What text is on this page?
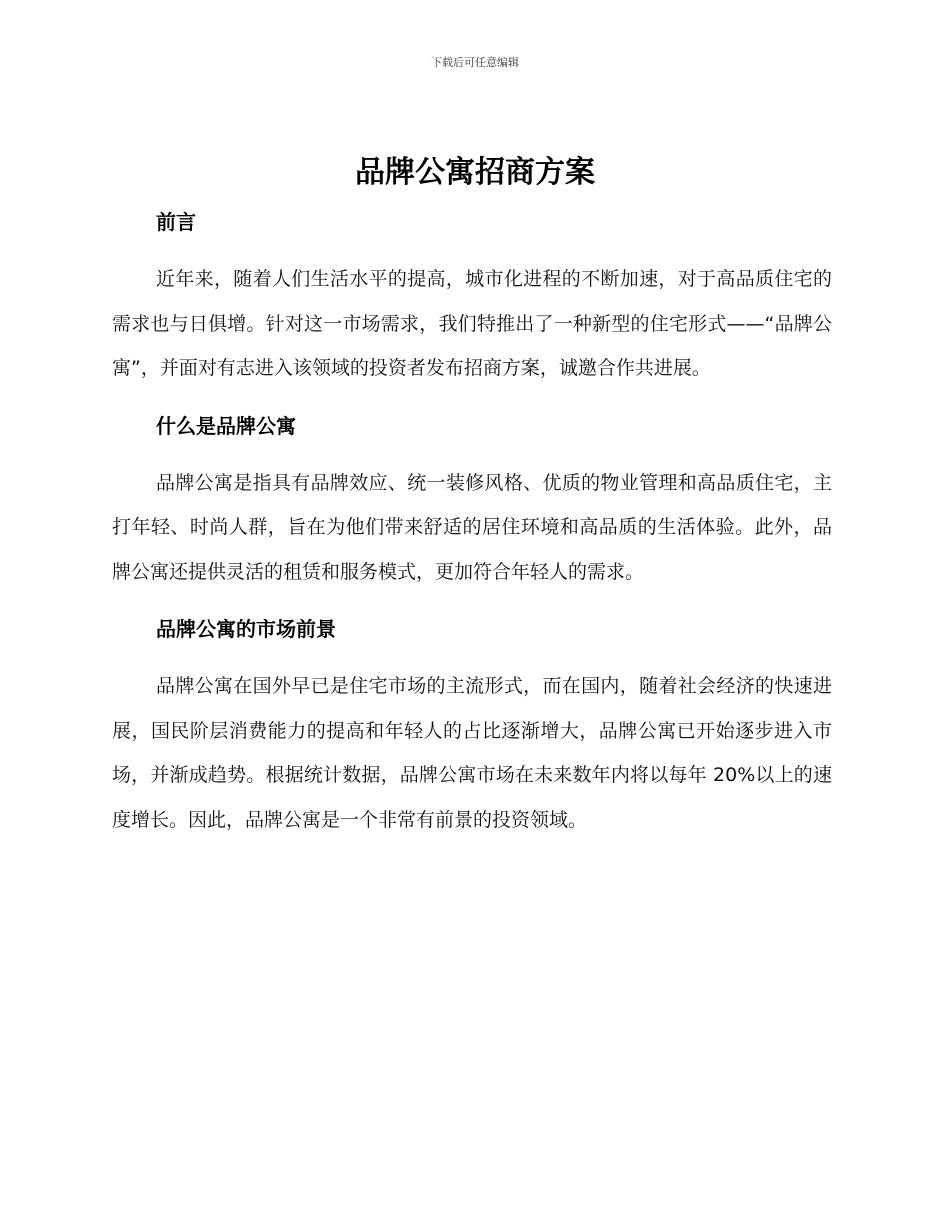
下载后可任意编辑
品牌公寓招商方案
前言

近年来，随着人们生活水平的提高，城市化进程的不断加速，对于高品质住宅的需求也与日俱增。针对这一市场需求，我们特推出了一种新型的住宅形式——“品牌公寓”，并面对有志进入该领域的投资者发布招商方案，诚邀合作共进展。

什么是品牌公寓

品牌公寓是指具有品牌效应、统一装修风格、优质的物业管理和高品质住宅，主打年轻、时尚人群，旨在为他们带来舒适的居住环境和高品质的生活体验。此外，品牌公寓还提供灵活的租赁和服务模式，更加符合年轻人的需求。

品牌公寓的市场前景

品牌公寓在国外早已是住宅市场的主流形式，而在国内，随着社会经济的快速进展，国民阶层消费能力的提高和年轻人的占比逐渐增大，品牌公寓已开始逐步进入市场，并渐成趋势。根据统计数据，品牌公寓市场在未来数年内将以每年 20%以上的速度增长。因此，品牌公寓是一个非常有前景的投资领域。
